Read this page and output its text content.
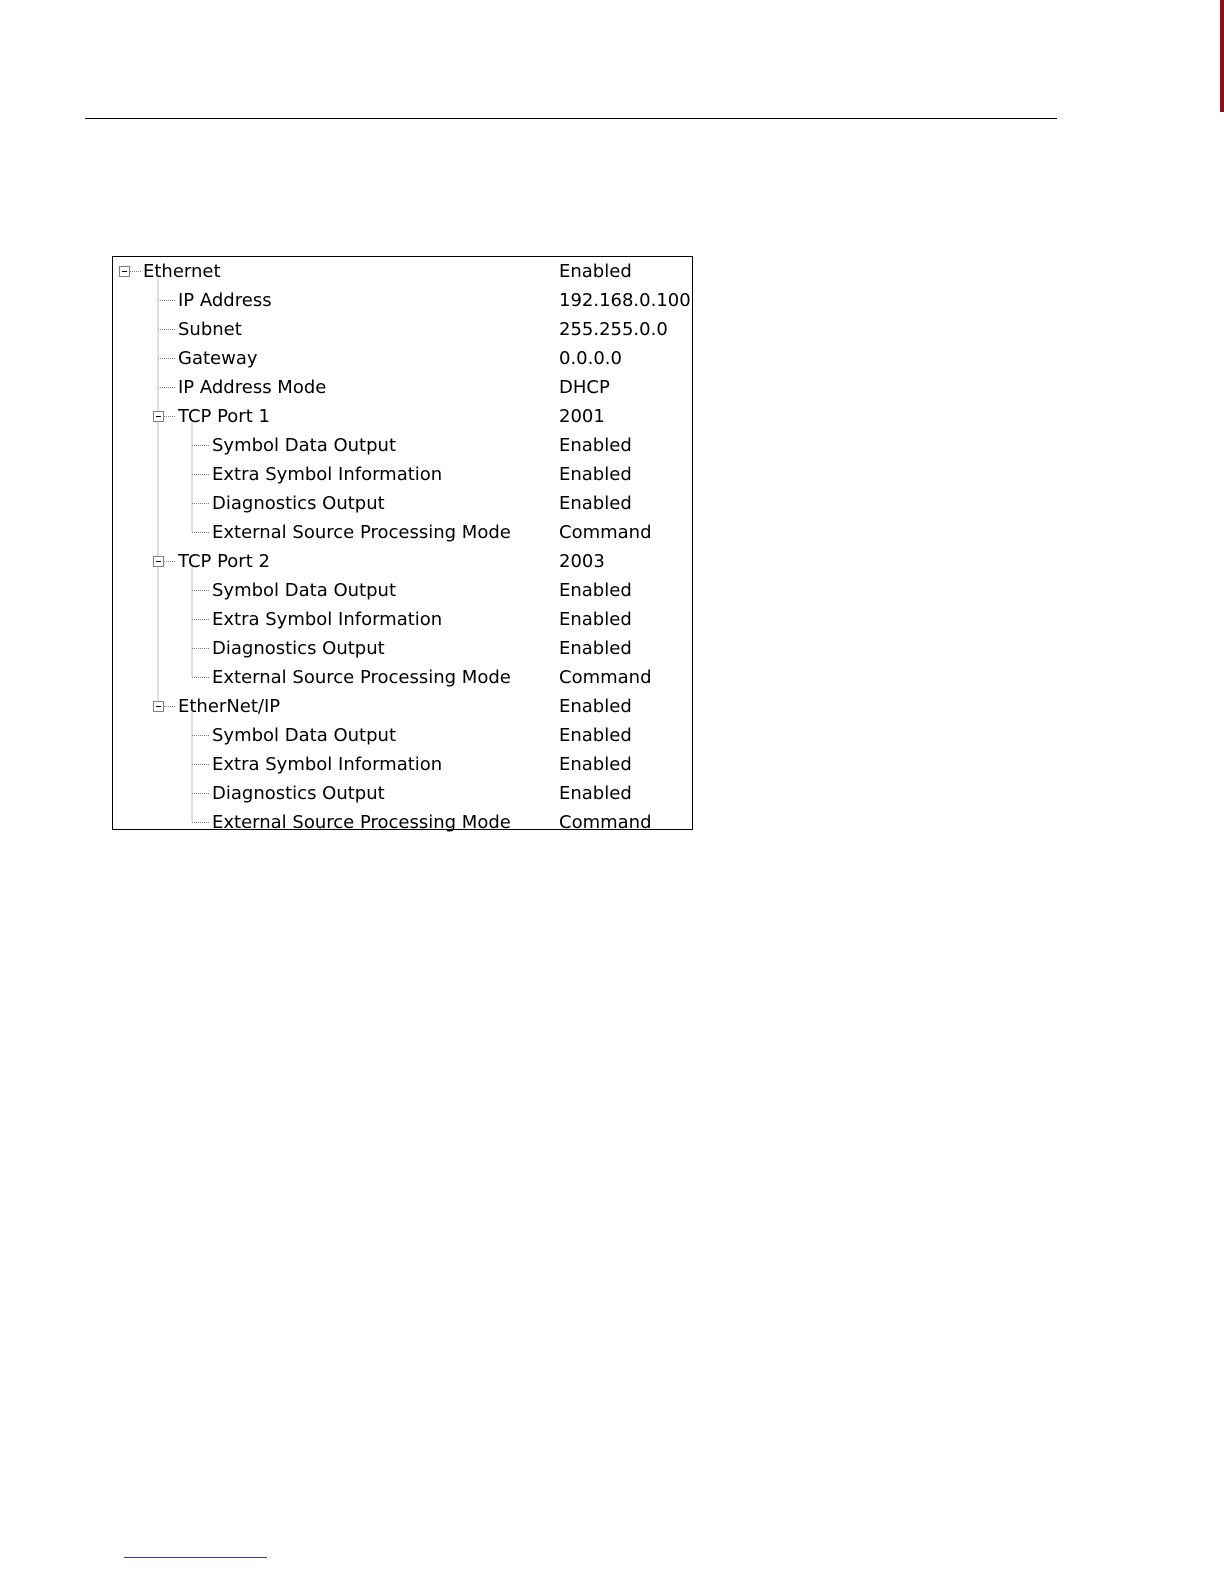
Ethernet	Enabled
IP Address	192.168.0.100
Subnet	255.255.0.0
Gateway	0.0.0.0
IP Address Mode	DHCP
TCP Port 1	2001
Symbol Data Output	Enabled
Extra Symbol Information	Enabled
Diagnostics Output	Enabled
External Source Processing Mode	Command
TCP Port 2	2003
Symbol Data Output	Enabled
Extra Symbol Information	Enabled
Diagnostics Output	Enabled
External Source Processing Mode	Command
EtherNet/IP	Enabled
Symbol Data Output	Enabled
Extra Symbol Information	Enabled
Diagnostics Output	Enabled
External Source Processing Mode	Command
